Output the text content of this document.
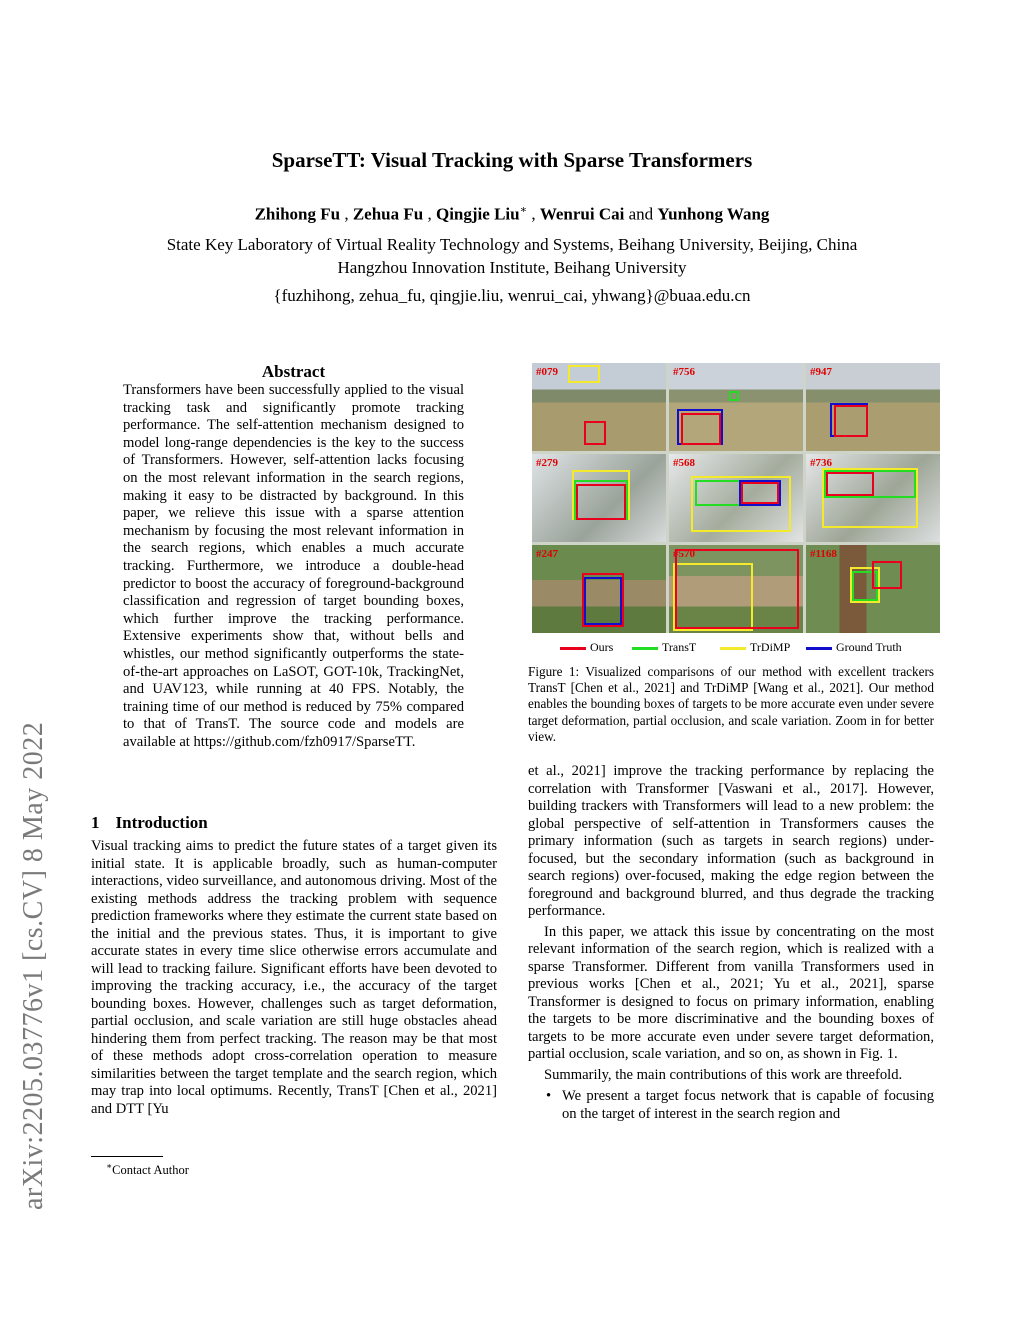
SparseTT: Visual Tracking with Sparse Transformers
Zhihong Fu , Zehua Fu , Qingjie Liu∗ , Wenrui Cai and Yunhong Wang
State Key Laboratory of Virtual Reality Technology and Systems, Beihang University, Beijing, China
Hangzhou Innovation Institute, Beihang University
{fuzhihong, zehua_fu, qingjie.liu, wenrui_cai, yhwang}@buaa.edu.cn
arXiv:2205.03776v1 [cs.CV] 8 May 2022
Abstract
Transformers have been successfully applied to the visual tracking task and significantly promote tracking performance. The self-attention mechanism designed to model long-range dependencies is the key to the success of Transformers. However, self-attention lacks focusing on the most relevant information in the search regions, making it easy to be distracted by background. In this paper, we relieve this issue with a sparse attention mechanism by focusing the most relevant information in the search regions, which enables a much accurate tracking. Furthermore, we introduce a double-head predictor to boost the accuracy of foreground-background classification and regression of target bounding boxes, which further improve the tracking performance. Extensive experiments show that, without bells and whistles, our method significantly outperforms the state-of-the-art approaches on LaSOT, GOT-10k, TrackingNet, and UAV123, while running at 40 FPS. Notably, the training time of our method is reduced by 75% compared to that of TransT. The source code and models are available at https://github.com/fzh0917/SparseTT.
1 Introduction
Visual tracking aims to predict the future states of a target given its initial state. It is applicable broadly, such as human-computer interactions, video surveillance, and autonomous driving. Most of the existing methods address the tracking problem with sequence prediction frameworks where they estimate the current state based on the initial and the previous states. Thus, it is important to give accurate states in every time slice otherwise errors accumulate and will lead to tracking failure. Significant efforts have been devoted to improving the tracking accuracy, i.e., the accuracy of the target bounding boxes. However, challenges such as target deformation, partial occlusion, and scale variation are still huge obstacles ahead hindering them from perfect tracking. The reason may be that most of these methods adopt cross-correlation operation to measure similarities between the target template and the search region, which may trap into local optimums. Recently, TransT [Chen et al., 2021] and DTT [Yu
∗Contact Author
#079	#756	#947
#279	#568	#736
#247	#570	#1168
Ours	TransT	TrDiMP	Ground Truth
Figure 1: Visualized comparisons of our method with excellent trackers TransT [Chen et al., 2021] and TrDiMP [Wang et al., 2021]. Our method enables the bounding boxes of targets to be more accurate even under severe target deformation, partial occlusion, and scale variation. Zoom in for better view.

et al., 2021] improve the tracking performance by replacing the correlation with Transformer [Vaswani et al., 2017]. However, building trackers with Transformers will lead to a new problem: the global perspective of self-attention in Transformers causes the primary information (such as targets in search regions) under-focused, but the secondary information (such as background in search regions) over-focused, making the edge region between the foreground and background blurred, and thus degrade the tracking performance.

In this paper, we attack this issue by concentrating on the most relevant information of the search region, which is realized with a sparse Transformer. Different from vanilla Transformers used in previous works [Chen et al., 2021; Yu et al., 2021], sparse Transformer is designed to focus on primary information, enabling the targets to be more discriminative and the bounding boxes of targets to be more accurate even under severe target deformation, partial occlusion, scale variation, and so on, as shown in Fig. 1.

Summarily, the main contributions of this work are threefold.

• We present a target focus network that is capable of focusing on the target of interest in the search region and
